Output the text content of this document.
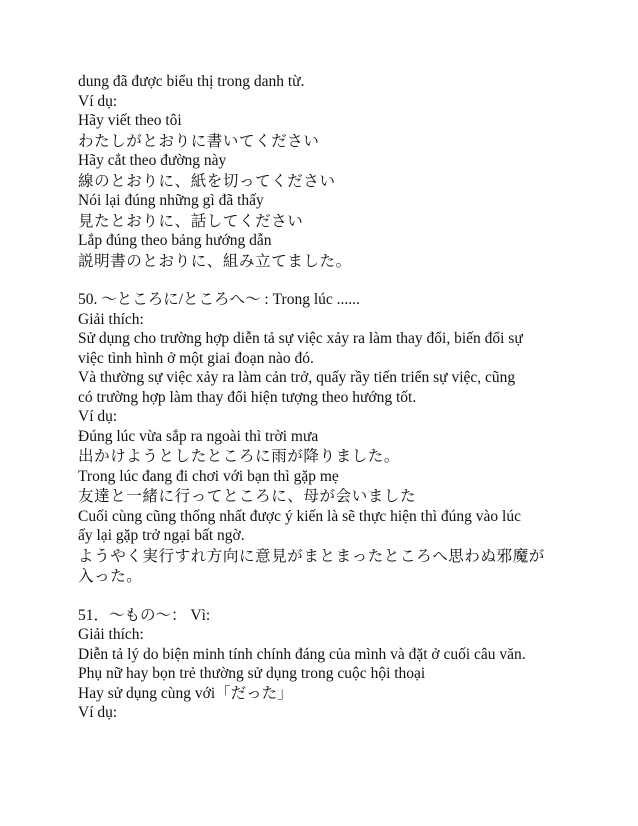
dung đã được biểu thị trong danh từ.
Ví dụ:
Hãy viết theo tôi
わたしがとおりに書いてください
Hãy cắt theo đường này
線のとおりに、紙を切ってください
Nói lại đúng những gì đã thấy
見たとおりに、話してください
Lắp đúng theo bảng hướng dẫn
説明書のとおりに、組み立てました。
50. ～ところに/ところへ～ : Trong lúc ......
Giải thích:
Sử dụng cho trường hợp diễn tả sự việc xảy ra làm thay đổi, biến đổi sự
việc tình hình ở một giai đoạn nào đó.
Và thường sự việc xảy ra làm cản trở, quấy rầy tiến triển sự việc, cũng
có trường hợp làm thay đổi hiện tượng theo hướng tốt.
Ví dụ:
Đúng lúc vừa sắp ra ngoài thì trời mưa
出かけようとしたところに雨が降りました。
Trong lúc đang đi chơi với bạn thì gặp mẹ
友達と一緒に行ってところに、母が会いました
Cuối cùng cũng thống nhất được ý kiến là sẽ thực hiện thì đúng vào lúc
ấy lại gặp trở ngại bất ngờ.
ようやく実行すれ方向に意見がまとまったところへ思わぬ邪魔が
入った。
51．～もの～： Vì:
Giải thích:
Diễn tả lý do biện minh tính chính đáng của mình và đặt ở cuối câu văn.
Phụ nữ hay bọn trẻ thường sử dụng trong cuộc hội thoại
Hay sử dụng cùng với「だった」
Ví dụ:
